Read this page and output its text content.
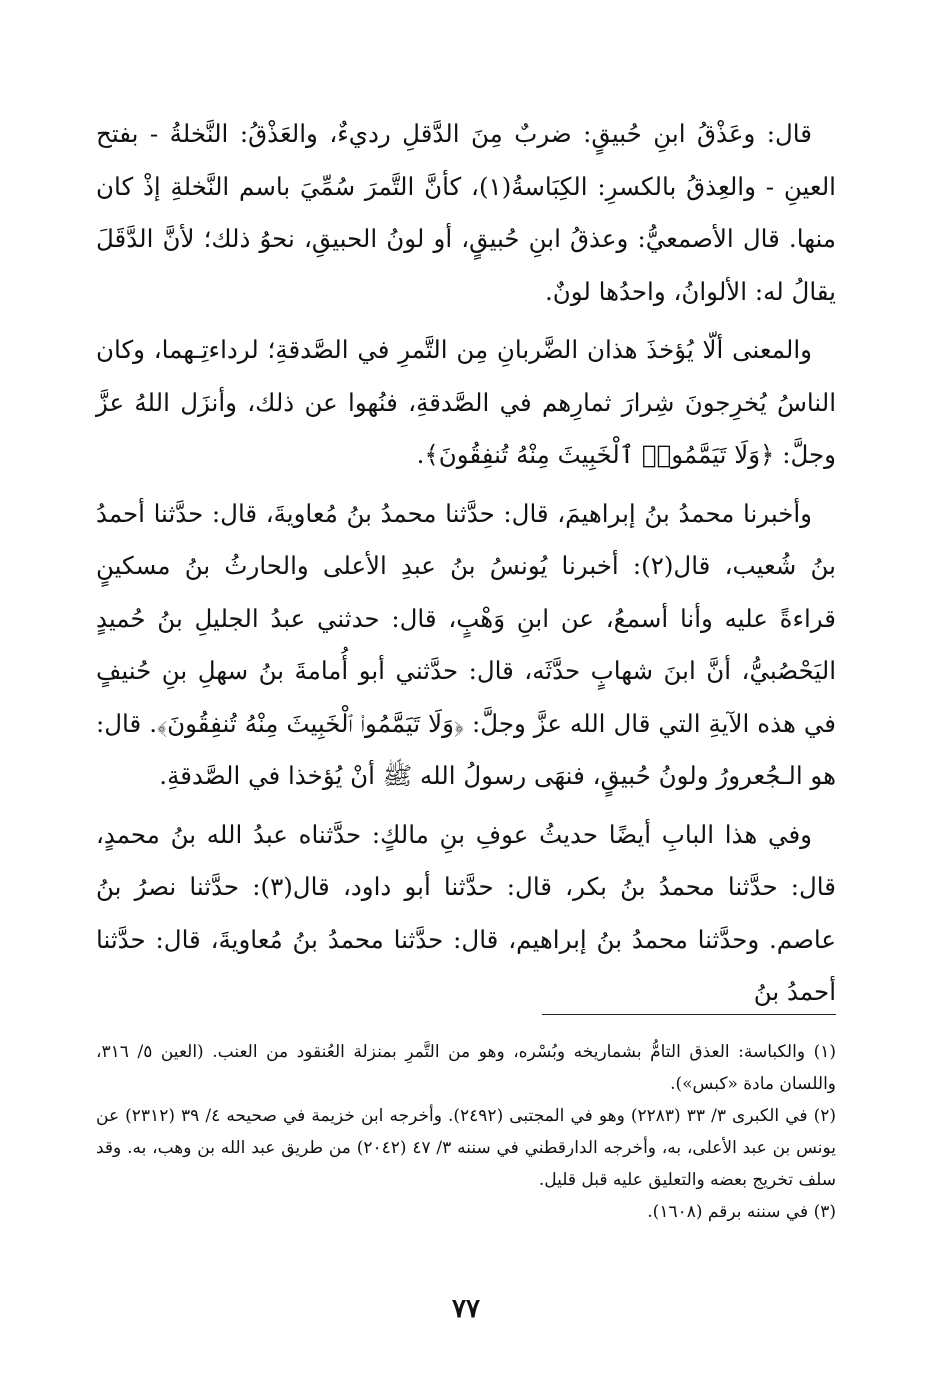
قال: وعَذْقُ ابنِ حُبيقٍ: ضربٌ مِنَ الدَّقلِ رديءٌ، والعَذْقُ: النَّخلةُ - بفتح العينِ - والعِذقُ بالكسرِ: الكِبَاسةُ(١)، كأنَّ التَّمرَ سُمِّيَ باسم النَّخلةِ إذْ كان منها. قال الأصمعيُّ: وعذقُ ابنِ حُبيقٍ، أو لونُ الحبيقِ، نحوُ ذلك؛ لأنَّ الدَّقَلَ يقالُ له: الألوانُ، واحدُها لونٌ.

والمعنى ألّا يُؤخذَ هذان الضَّربانِ مِن التَّمرِ في الصَّدقةِ؛ لرداءتِـهما، وكان الناسُ يُخرِجونَ شِرارَ ثمارِهم في الصَّدقةِ، فنُهوا عن ذلك، وأنزَل اللهُ عزَّ وجلَّ: ﴿وَلَا تَيَمَّمُوا۟ ٱلْخَبِيثَ مِنْهُ تُنفِقُونَ﴾.

وأخبرنا محمدُ بنُ إبراهيمَ، قال: حدَّثنا محمدُ بنُ مُعاويةَ، قال: حدَّثنا أحمدُ بنُ شُعيب، قال(٢): أخبرنا يُونسُ بنُ عبدِ الأعلى والحارثُ بنُ مسكينٍ قراءةً عليه وأنا أسمعُ، عن ابنِ وَهْبٍ، قال: حدثني عبدُ الجليلِ بنُ حُميدٍ اليَحْصُبيُّ، أنَّ ابنَ شهابٍ حدَّثَه، قال: حدَّثني أبو أُمامةَ بنُ سهلِ بنِ حُنيفٍ في هذه الآيةِ التي قال الله عزَّ وجلَّ: ﴿وَلَا تَيَمَّمُوا۟ ٱلْخَبِيثَ مِنْهُ تُنفِقُونَ﴾. قال: هو الـجُعرورُ ولونُ حُبيقٍ، فنهَى رسولُ الله ﷺ أنْ يُؤخذا في الصَّدقةِ.

وفي هذا البابِ أيضًا حديثُ عوفِ بنِ مالكٍ: حدَّثناه عبدُ الله بنُ محمدٍ، قال: حدَّثنا محمدُ بنُ بكر، قال: حدَّثنا أبو داود، قال(٣): حدَّثنا نصرُ بنُ عاصم. وحدَّثنا محمدُ بنُ إبراهيم، قال: حدَّثنا محمدُ بنُ مُعاويةَ، قال: حدَّثنا أحمدُ بنُ

(١) والكباسة: العذق التامُّ بشماريخه وبُسْره، وهو من التَّمرِ بمنزلة العُنقود من العنب. (العين ٥/ ٣١٦، واللسان مادة «كبس»).

(٢) في الكبرى ٣/ ٣٣ (٢٢٨٣) وهو في المجتبى (٢٤٩٢). وأخرجه ابن خزيمة في صحيحه ٤/ ٣٩ (٢٣١٢) عن يونس بن عبد الأعلى، به، وأخرجه الدارقطني في سننه ٣/ ٤٧ (٢٠٤٢) من طريق عبد الله بن وهب، به. وقد سلف تخريج بعضه والتعليق عليه قبل قليل.

(٣) في سننه برقم (١٦٠٨).

٧٧
